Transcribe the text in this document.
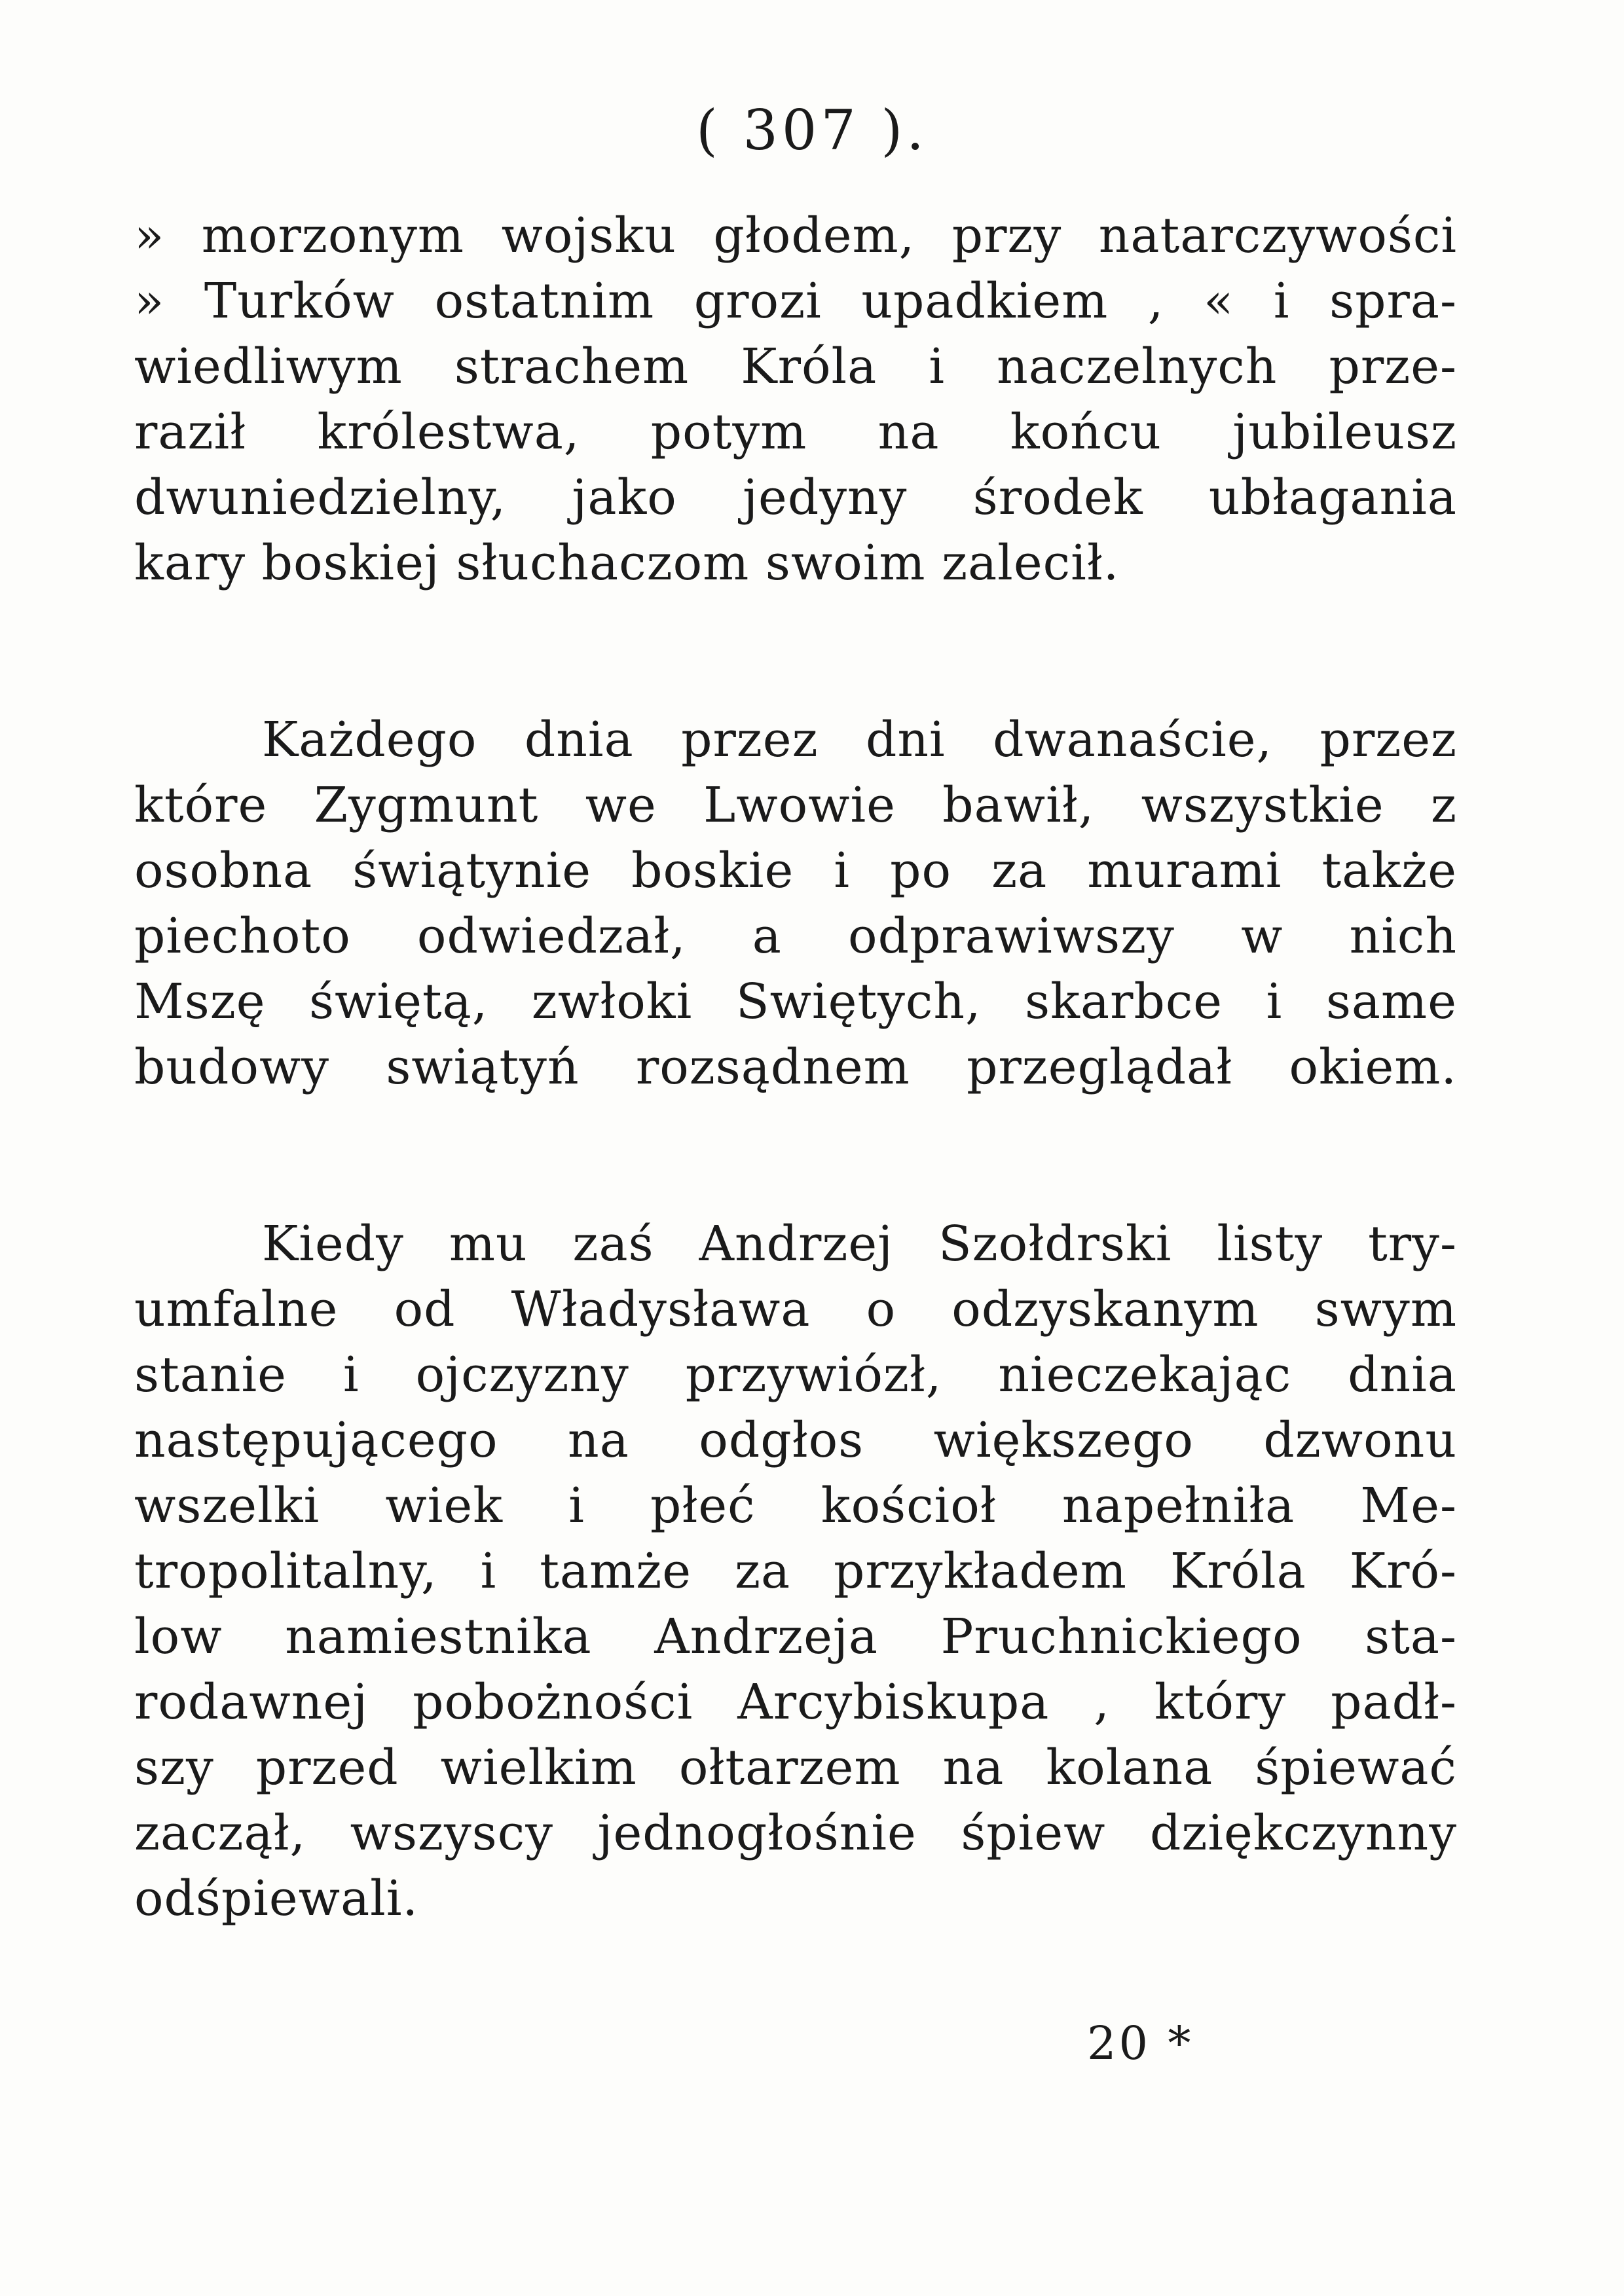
( 307 ).
» morzonym wojsku głodem, przy natarczywości
» Turków ostatnim grozi upadkiem , « i spra-
wiedliwym strachem Króla i naczelnych prze-
raził królestwa, potym na końcu jubileusz
dwuniedzielny, jako jedyny środek ubłagania
kary boskiej słuchaczom swoim zalecił.
Każdego dnia przez dni dwanaście, przez
które Zygmunt we Lwowie bawił, wszystkie z
osobna świątynie boskie i po za murami także
piechoto odwiedzał, a odprawiwszy w nich
Mszę świętą, zwłoki Swiętych, skarbce i same
budowy swiątyń rozsądnem przeglądał okiem.
Kiedy mu zaś Andrzej Szołdrski listy try-
umfalne od Władysława o odzyskanym swym
stanie i ojczyzny przywiózł, nieczekając dnia
następującego na odgłos większego dzwonu
wszelki wiek i płeć kościoł napełniła Me-
tropolitalny, i tamże za przykładem Króla Kró-
low namiestnika Andrzeja Pruchnickiego sta-
rodawnej pobożności Arcybiskupa , który padł-
szy przed wielkim ołtarzem na kolana śpiewać
zaczął, wszyscy jednogłośnie śpiew dziękczynny
odśpiewali.
20 *
